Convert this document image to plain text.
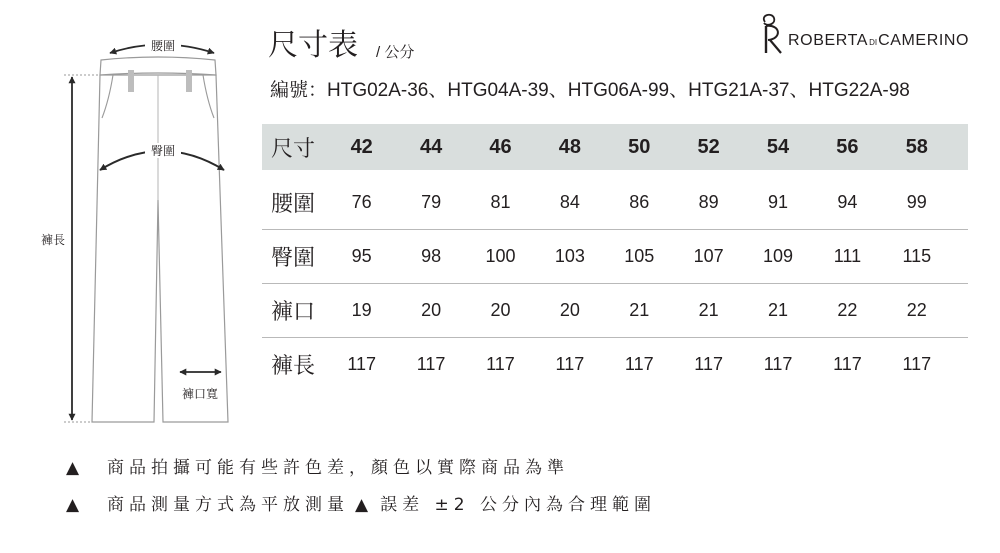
褲長
腰圍
臀圍
褲口寬
尺寸表 / 公分
編號：HTG02A-36、HTG04A-39、HTG06A-99、HTG21A-37、HTG22A-98
ROBERTADICAMERINO
尺寸	42	44	46	48	50	52	54	56	58
腰圍	76	79	81	84	86	89	91	94	99
臀圍	95	98	100	103	105	107	109	111	115
褲口	19	20	20	20	21	21	21	22	22
褲長	117	117	117	117	117	117	117	117	117
▲ 商品拍攝可能有些許色差，顏色以實際商品為準
▲ 商品測量方式為平放測量 ▲ 誤差 ±2 公分內為合理範圍
